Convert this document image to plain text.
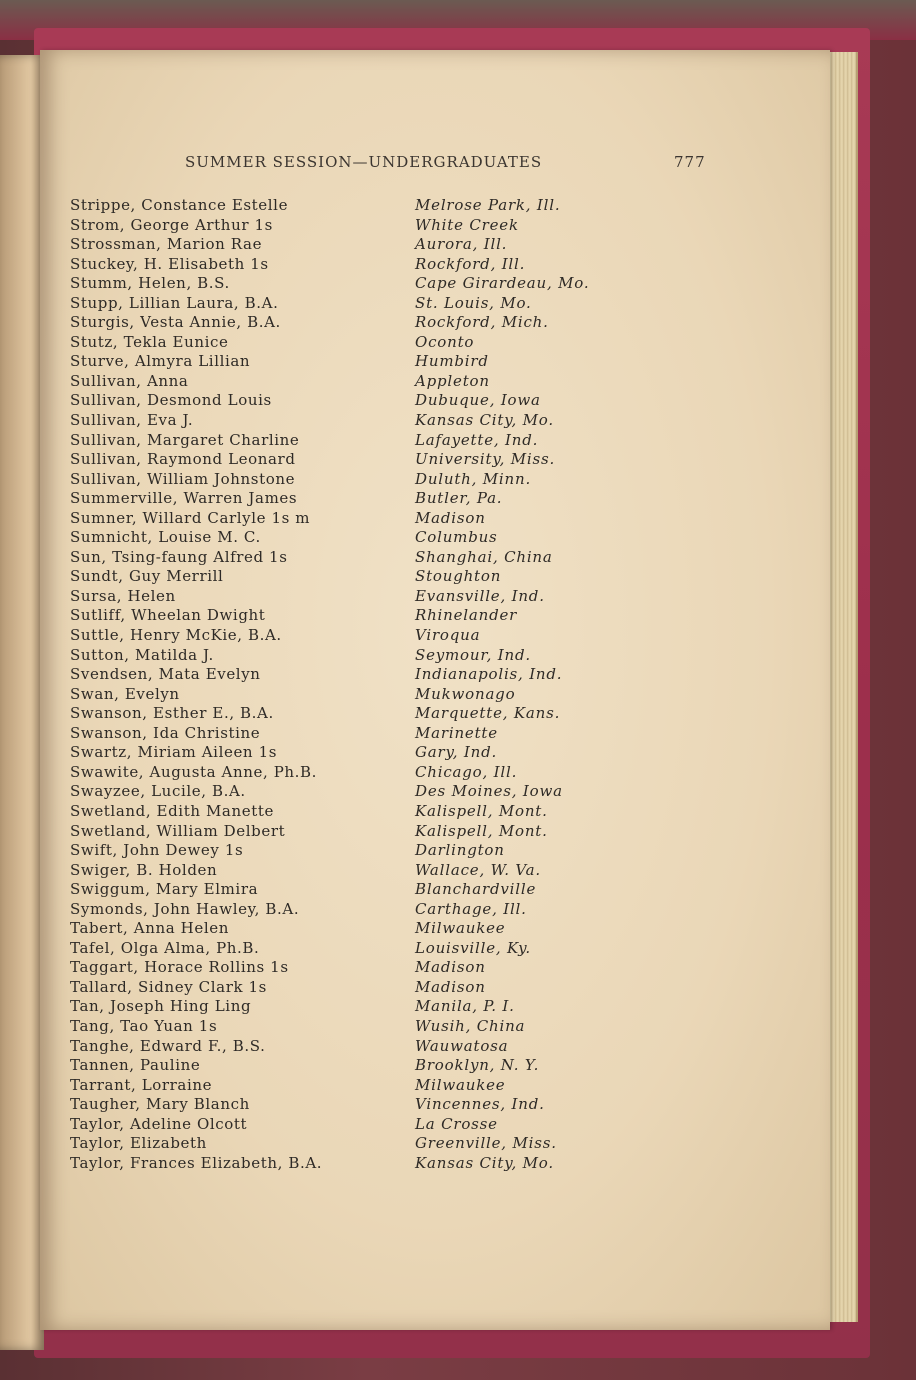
SUMMER SESSION—UNDERGRADUATES	777
Strippe, Constance Estelle	Melrose Park, Ill.
Strom, George Arthur 1s	White Creek
Strossman, Marion Rae	Aurora, Ill.
Stuckey, H. Elisabeth 1s	Rockford, Ill.
Stumm, Helen, B.S.	Cape Girardeau, Mo.
Stupp, Lillian Laura, B.A.	St. Louis, Mo.
Sturgis, Vesta Annie, B.A.	Rockford, Mich.
Stutz, Tekla Eunice	Oconto
Sturve, Almyra Lillian	Humbird
Sullivan, Anna	Appleton
Sullivan, Desmond Louis	Dubuque, Iowa
Sullivan, Eva J.	Kansas City, Mo.
Sullivan, Margaret Charline	Lafayette, Ind.
Sullivan, Raymond Leonard	University, Miss.
Sullivan, William Johnstone	Duluth, Minn.
Summerville, Warren James	Butler, Pa.
Sumner, Willard Carlyle 1s m	Madison
Sumnicht, Louise M. C.	Columbus
Sun, Tsing-faung Alfred 1s	Shanghai, China
Sundt, Guy Merrill	Stoughton
Sursa, Helen	Evansville, Ind.
Sutliff, Wheelan Dwight	Rhinelander
Suttle, Henry McKie, B.A.	Viroqua
Sutton, Matilda J.	Seymour, Ind.
Svendsen, Mata Evelyn	Indianapolis, Ind.
Swan, Evelyn	Mukwonago
Swanson, Esther E., B.A.	Marquette, Kans.
Swanson, Ida Christine	Marinette
Swartz, Miriam Aileen 1s	Gary, Ind.
Swawite, Augusta Anne, Ph.B.	Chicago, Ill.
Swayzee, Lucile, B.A.	Des Moines, Iowa
Swetland, Edith Manette	Kalispell, Mont.
Swetland, William Delbert	Kalispell, Mont.
Swift, John Dewey 1s	Darlington
Swiger, B. Holden	Wallace, W. Va.
Swiggum, Mary Elmira	Blanchardville
Symonds, John Hawley, B.A.	Carthage, Ill.
Tabert, Anna Helen	Milwaukee
Tafel, Olga Alma, Ph.B.	Louisville, Ky.
Taggart, Horace Rollins 1s	Madison
Tallard, Sidney Clark 1s	Madison
Tan, Joseph Hing Ling	Manila, P. I.
Tang, Tao Yuan 1s	Wusih, China
Tanghe, Edward F., B.S.	Wauwatosa
Tannen, Pauline	Brooklyn, N. Y.
Tarrant, Lorraine	Milwaukee
Taugher, Mary Blanch	Vincennes, Ind.
Taylor, Adeline Olcott	La Crosse
Taylor, Elizabeth	Greenville, Miss.
Taylor, Frances Elizabeth, B.A.	Kansas City, Mo.
